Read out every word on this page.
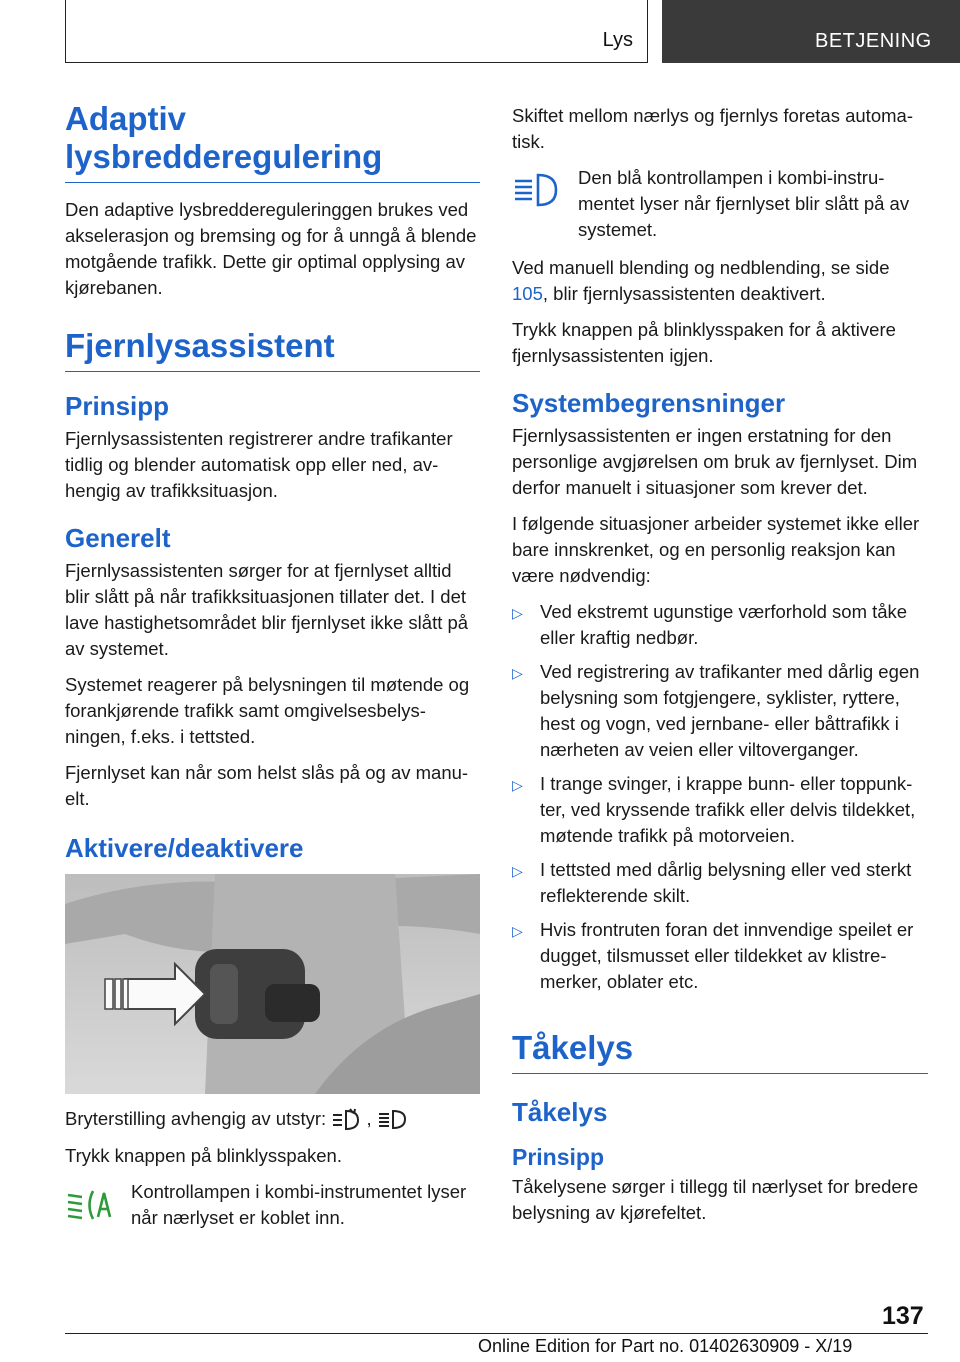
Lys	BETJENING
Adaptiv lysbredderegulering

Den adaptive lysbreddereguleringgen brukes ved akselerasjon og bremsing og for å unngå å blende motgående trafikk. Dette gir optimal opplysing av kjørebanen.

Fjernlysassistent
Prinsipp

Fjernlysassistenten registrerer andre trafikanter tidlig og blender automatisk opp eller ned, avhengig av trafikksituasjon.

Generelt

Fjernlysassistenten sørger for at fjernlyset alltid blir slått på når trafikksituasjonen tillater det. I det lave hastighetsområdet blir fjernlyset ikke slått på av systemet.

Systemet reagerer på belysningen til møtende og forankjørende trafikk samt omgivelsesbelysningen, f.eks. i tettsted.

Fjernlyset kan når som helst slås på og av manuelt.

Aktivere/deaktivere

Bryterstilling avhengig av utstyr: ,

Trykk knappen på blinklysspaken.

Kontrollampen i kombi-instrumentet lyser når nærlyset er koblet inn.

Skiftet mellom nærlys og fjernlys foretas automatisk.

Den blå kontrollampen i kombi-instrumentet lyser når fjernlyset blir slått på av systemet.

Ved manuell blending og nedblending, se side 105, blir fjernlysassistenten deaktivert.

Trykk knappen på blinklysspaken for å aktivere fjernlysassistenten igjen.

Systembegrensninger

Fjernlysassistenten er ingen erstatning for den personlige avgjørelsen om bruk av fjernlyset. Dim derfor manuelt i situasjoner som krever det.

I følgende situasjoner arbeider systemet ikke eller bare innskrenket, og en personlig reaksjon kan være nødvendig:

▷ Ved ekstremt ugunstige værforhold som tåke eller kraftig nedbør.
▷ Ved registrering av trafikanter med dårlig egen belysning som fotgjengere, syklister, ryttere, hest og vogn, ved jernbane- eller båttrafikk i nærheten av veien eller viltoverganger.
▷ I trange svinger, i krappe bunn- eller toppunkter, ved kryssende trafikk eller delvis tildekket, møtende trafikk på motorveien.
▷ I tettsted med dårlig belysning eller ved sterkt reflekterende skilt.
▷ Hvis frontruten foran det innvendige speilet er dugget, tilsmusset eller tildekket av klistremerker, oblater etc.
Tåkelys
Tåkelys
Prinsipp

Tåkelysene sørger i tillegg til nærlyset for bredere belysning av kjørefeltet.

137
Online Edition for Part no. 01402630909 - X/19
